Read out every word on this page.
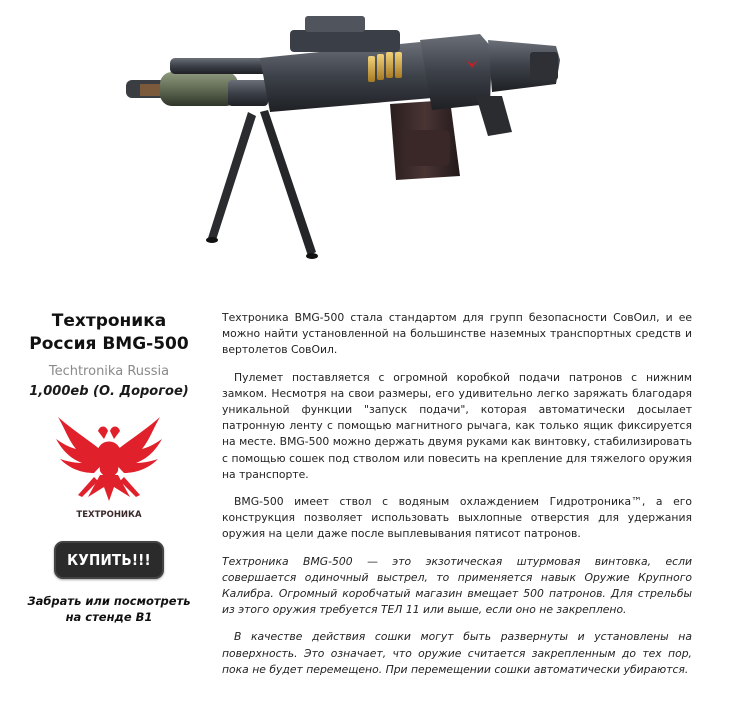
Техтроника
Россия BMG-500
Techtronika Russia
1,000eb (О. Дорогое)
ТЕХТРОНИКА
КУПИТЬ!!!
Забрать или посмотреть
на стенде B1

Техтроника BMG-500 стала стандартом для групп безопасности СовОил, и ее можно найти установленной на большинстве наземных транспортных средств и вертолетов СовОил.

Пулемет поставляется с огромной коробкой подачи патронов с нижним замком. Несмотря на свои размеры, его удивительно легко заряжать благодаря уникальной функции "запуск подачи", которая автоматически досылает патронную ленту с помощью магнитного рычага, как только ящик фиксируется на месте. BMG-500 можно держать двумя руками как винтовку, стабилизировать с помощью сошек под стволом или повесить на крепление для тяжелого оружия на транспорте.

BMG-500 имеет ствол с водяным охлаждением Гидротроника™, а его конструкция позволяет использовать выхлопные отверстия для удержания оружия на цели даже после выплевывания пятисот патронов.

Техтроника BMG-500 — это экзотическая штурмовая винтовка, если совершается одиночный выстрел, то применяется навык Оружие Крупного Калибра. Огромный коробчатый магазин вмещает 500 патронов. Для стрельбы из этого оружия требуется ТЕЛ 11 или выше, если оно не закреплено.

В качестве действия сошки могут быть развернуты и установлены на поверхность. Это означает, что оружие считается закрепленным до тех пор, пока не будет перемещено. При перемещении сошки автоматически убираются.
